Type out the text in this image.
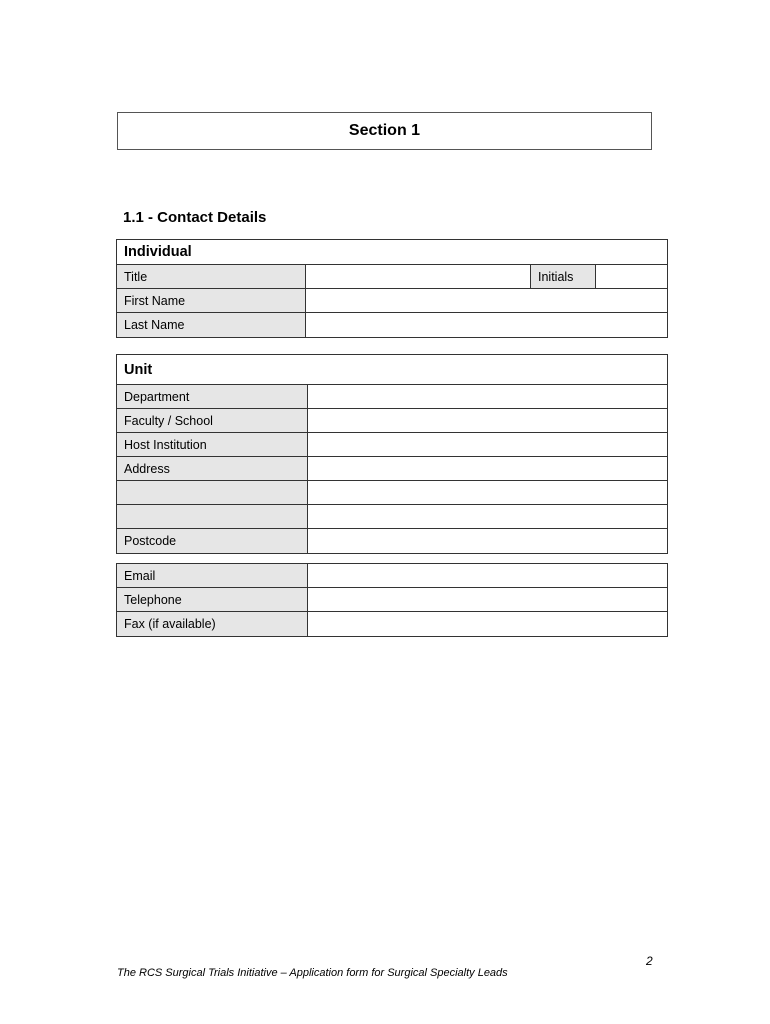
Section 1
1.1 - Contact Details
Individual
Title	Initials
First Name
Last Name
Unit
Department
Faculty / School
Host Institution
Address
Postcode
Email
Telephone
Fax (if available)
2
The RCS Surgical Trials Initiative – Application form for Surgical Specialty Leads
